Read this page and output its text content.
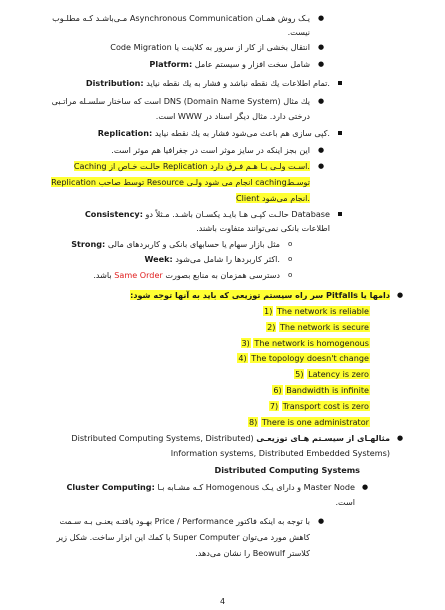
●
یـک روش همـان Asynchronous Communication مـی‌باشـد کـه مطلـوب
نیست.
●
انتقال بخشی از کار از سرور به کلاینت یا Code Migration
●
Platform: شامل سخت افزار و سیستم عامل
Distribution: تمام اطلاعات یك نقطه نباشد و فشار به یك نقطه نیاید.
●
یك مثال DNS (Domain Name System) است كه ساختار سلسـله مراتـبی
درختی دارد. مثال دیگر اسناد در WWW است.
Replication: كپی سازی هم باعث می‌شود فشار به یك نقطه نیاید.
●
این بجز اینكه در سایز موثر است در جغرافیا هم موثر است.
●
Caching حالـت خـاص از Replication اسـت ولـی بـا هـم فـرق دارد.
Replication توسط صاحب Resource انجام می شود ولـی cachingتوسـط
Client انجام می‌شود.
Consistency: حالـت كپـی هـا بایـد یكسـان باشـد. مـثلاً دو Database
اطلاعات بانكی نمی‌توانند متفاوت باشند.
o
Strong: مثل بازار سهام یا حسابهای بانكی و كاربردهای مالی
o
Week: اكثر كاربردها را شامل می‌شود.
o
دسترسی همزمان به منابع بصورت Same Order باشد.
●
دامها یا Pitfalls سر راه سیستم توزیعی كه باید به آنها توجه شود:
1) The network is reliable
2) The network is secure
3) The network is homogenous
4) The topology doesn't change
5) Latency is zero
6) Bandwidth is infinite
7) Transport cost is zero
8) There is one administrator
●
مثالهـای از سیسـتم هـای توزیعـی (Distributed Computing Systems, Distributed
Information systems, Distributed Embedded Systems)
Distributed Computing Systems
●
Cluster Computing: كـه مشـابه بـا Homogenous و دارای یـک Master Node
است.
●
با توجه به اینكه فاكتور Price / Performance بهـود یافتـه یعنـی بـه سـمت
كاهش مورد می‌توان Super Computer با كمك این ابزار ساخت. شكل زیر
كلاستر Beowulf را نشان می‌دهد.
4
